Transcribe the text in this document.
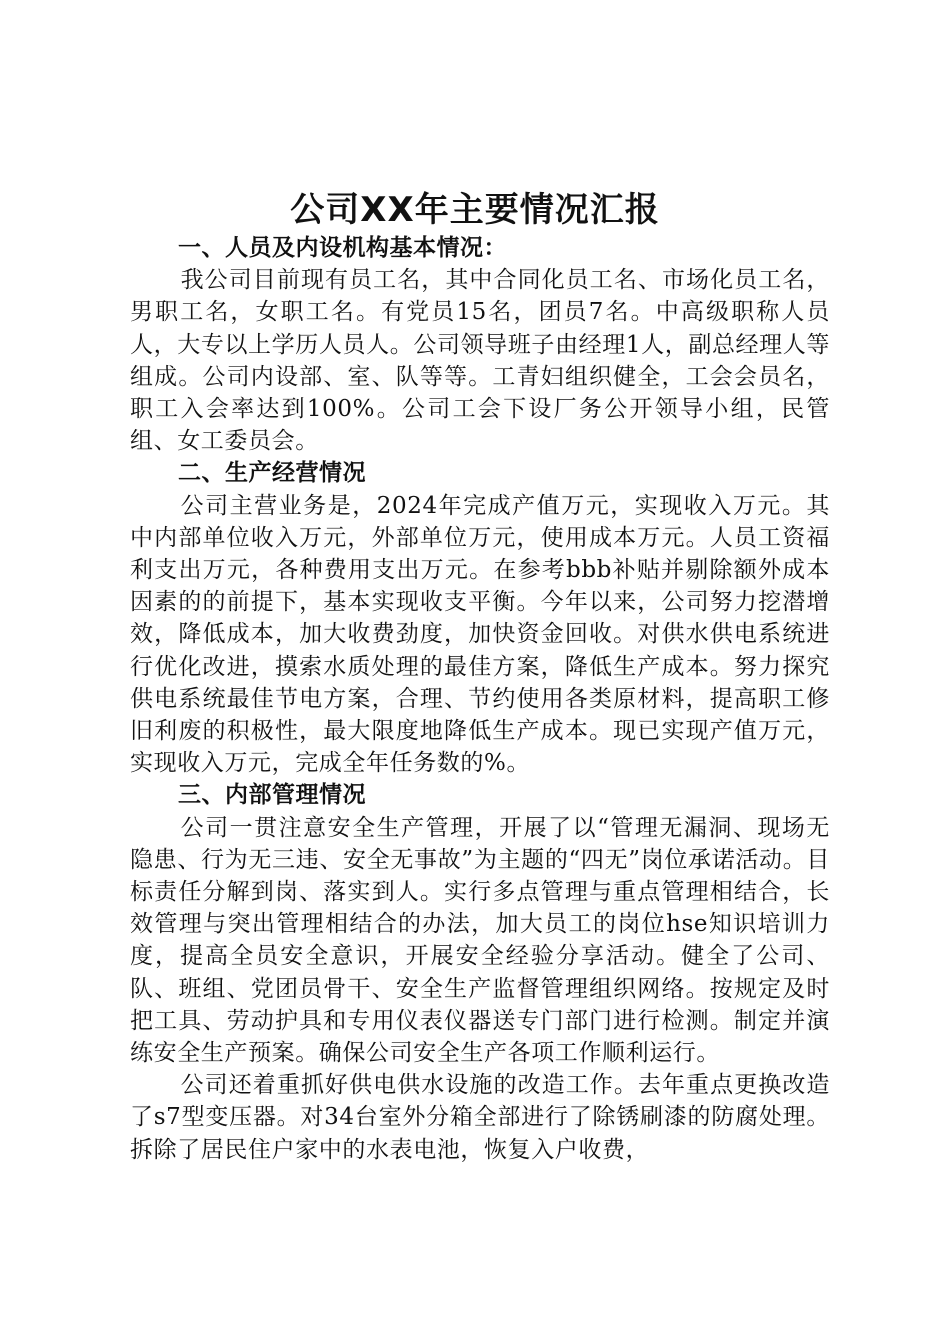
公司XX年主要情况汇报
一、人员及内设机构基本情况：

我公司目前现有员工名，其中合同化员工名、市场化员工名，男职工名，女职工名。有党员15名，团员7名。中高级职称人员人，大专以上学历人员人。公司领导班子由经理1人，副总经理人等组成。公司内设部、室、队等等。工青妇组织健全，工会会员名，职工入会率达到100%。公司工会下设厂务公开领导小组，民管组、女工委员会。

二、生产经营情况

公司主营业务是，2024年完成产值万元，实现收入万元。其中内部单位收入万元，外部单位万元，使用成本万元。人员工资福利支出万元，各种费用支出万元。在参考bbb补贴并剔除额外成本因素的的前提下，基本实现收支平衡。今年以来，公司努力挖潜增效，降低成本，加大收费劲度，加快资金回收。对供水供电系统进行优化改进，摸索水质处理的最佳方案，降低生产成本。努力探究供电系统最佳节电方案，合理、节约使用各类原材料，提高职工修旧利废的积极性，最大限度地降低生产成本。现已实现产值万元，实现收入万元，完成全年任务数的%。

三、内部管理情况

公司一贯注意安全生产管理，开展了以“管理无漏洞、现场无隐患、行为无三违、安全无事故”为主题的“四无”岗位承诺活动。目标责任分解到岗、落实到人。实行多点管理与重点管理相结合，长效管理与突出管理相结合的办法，加大员工的岗位hse知识培训力度，提高全员安全意识，开展安全经验分享活动。健全了公司、队、班组、党团员骨干、安全生产监督管理组织网络。按规定及时把工具、劳动护具和专用仪表仪器送专门部门进行检测。制定并演练安全生产预案。确保公司安全生产各项工作顺利运行。

公司还着重抓好供电供水设施的改造工作。去年重点更换改造了s7型变压器。对34台室外分箱全部进行了除锈刷漆的防腐处理。拆除了居民住户家中的水表电池，恢复入户收费，
